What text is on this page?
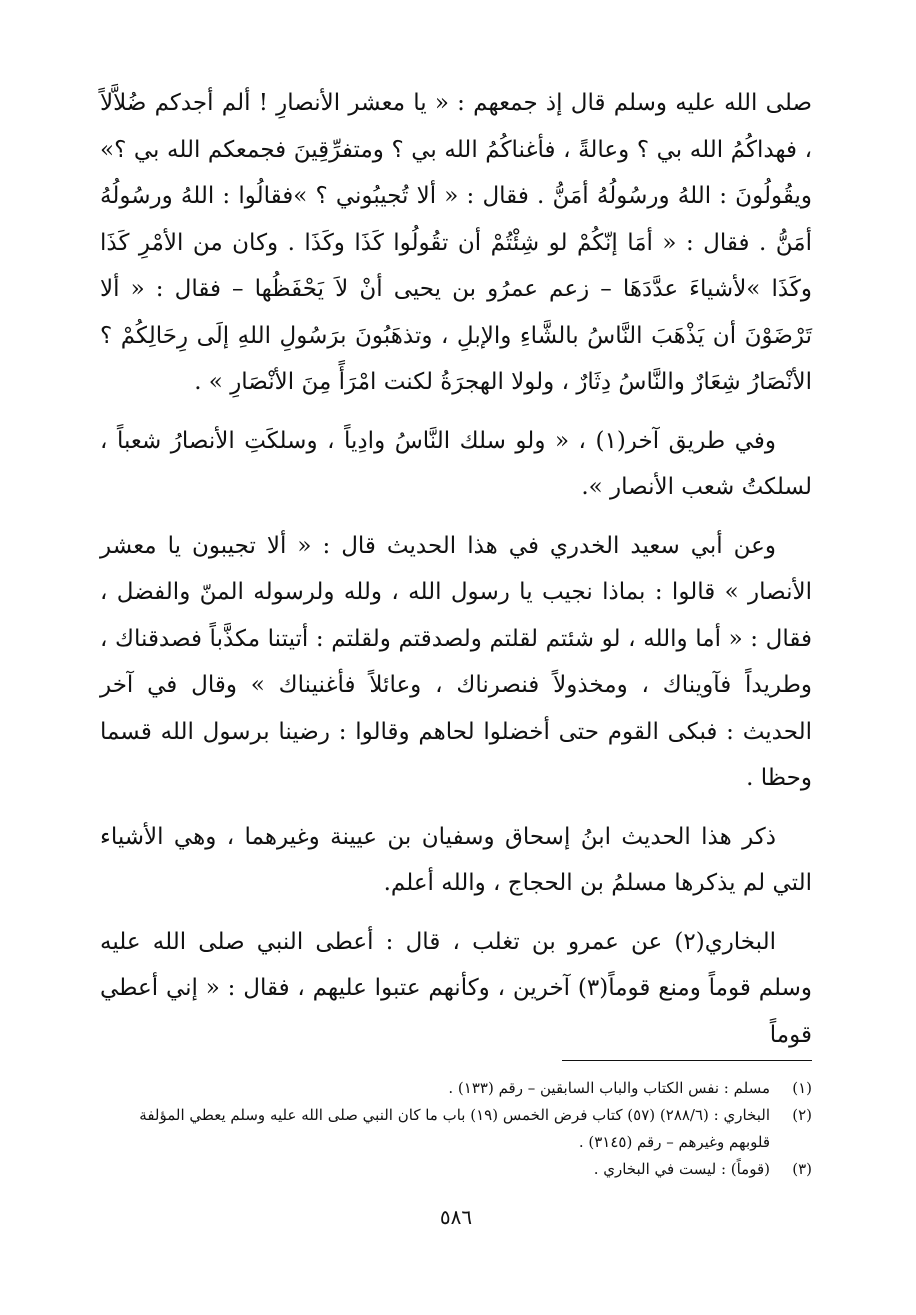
صلى الله عليه وسلم قال إذ جمعهم : « يا معشر الأنصارِ ! ألم أجدكم ضُلاَّلاً ، فهداكُمُ الله بي ؟ وعالةً ، فأغناكُمُ الله بي ؟ ومتفرِّقِينَ فجمعكم الله بي ؟» ويقُولُونَ : اللهُ ورسُولُهُ أمَنُّ . فقال : « ألا تُجيبُوني ؟ »فقالُوا : اللهُ ورسُولُهُ أمَنُّ . فقال : « أمَا إنّكُمْ لو شِئْتُمْ أن تقُولُوا كَذَا وكَذَا . وكان من الأمْرِ كَذَا وكَذَا »لأشياءَ عدَّدَهَا – زعم عمرُو بن يحيى أنْ لاَ يَحْفَظُها – فقال : « ألا تَرْضَوْنَ أن يَذْهَبَ النَّاسُ بالشَّاءِ والإبلِ ، وتذهَبُونَ برَسُولِ اللهِ إلَى رِحَالِكُمْ ؟ الأنْصَارُ شِعَارٌ والنَّاسُ دِثَارٌ ، ولولا الهجرَةُ لكنت امْرَأً مِنَ الأنْصَارِ » .

وفي طريق آخر(١) ، « ولو سلك النَّاسُ وادِياً ، وسلكَتِ الأنصارُ شعباً ، لسلكتُ شعب الأنصار ».

وعن أبي سعيد الخدري في هذا الحديث قال : « ألا تجيبون يا معشر الأنصار » قالوا : بماذا نجيب يا رسول الله ، ولله ولرسوله المنّ والفضل ، فقال : « أما والله ، لو شئتم لقلتم ولصدقتم ولقلتم : أتيتنا مكذَّباً فصدقناك ، وطريداً فآويناك ، ومخذولاً فنصرناك ، وعائلاً فأغنيناك » وقال في آخر الحديث : فبكى القوم حتى أخضلوا لحاهم وقالوا : رضينا برسول الله قسما وحظا .

ذكر هذا الحديث ابنُ إسحاق وسفيان بن عيينة وغيرهما ، وهي الأشياء التي لم يذكرها مسلمُ بن الحجاج ، والله أعلم.

البخاري(٢) عن عمرو بن تغلب ، قال : أعطى النبي صلى الله عليه وسلم قوماً ومنع قوماً(٣) آخرين ، وكأنهم عتبوا عليهم ، فقال : « إني أعطي قوماً

(١)
مسلم : نفس الكتاب والباب السابقين – رقم (١٣٣) .
(٢)
البخاري : (٢٨٨/٦) (٥٧) كتاب فرض الخمس (١٩) باب ما كان النبي صلى الله عليه وسلم يعطي المؤلفة قلوبهم وغيرهم – رقم (٣١٤٥) .
(٣)
(قوماً) : ليست في البخاري .
٥٨٦
